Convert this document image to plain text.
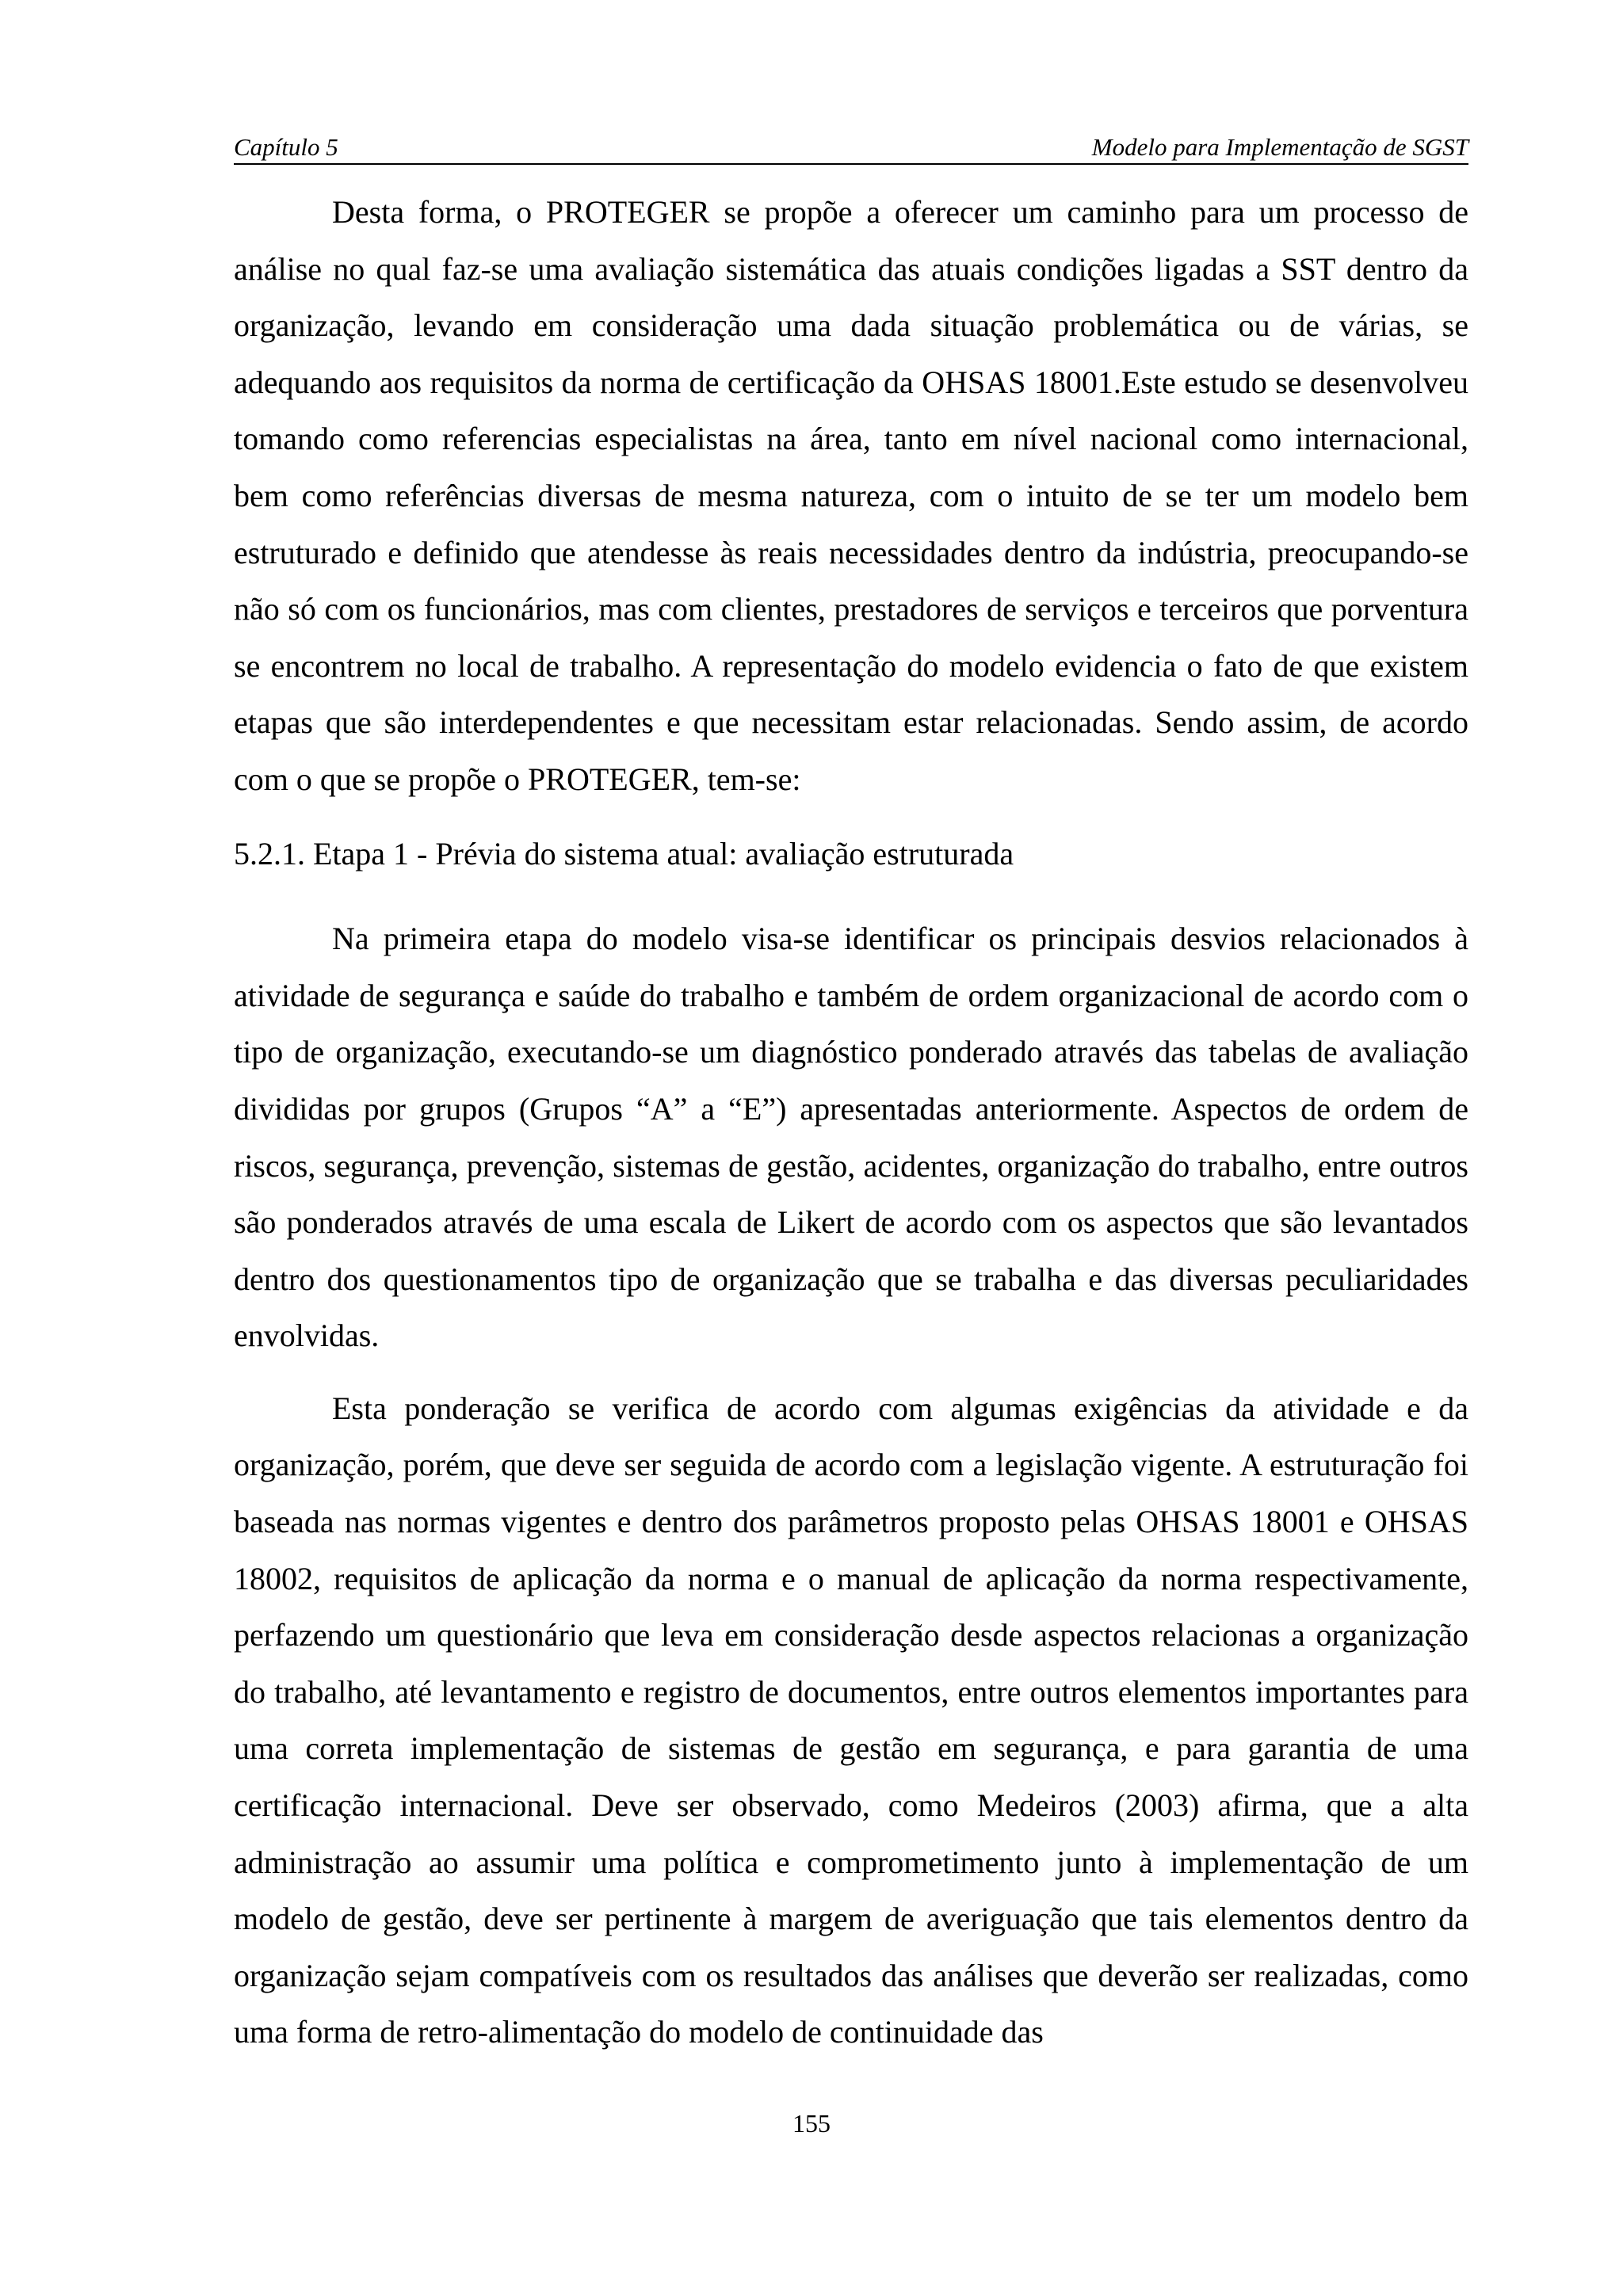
Capítulo 5	Modelo para Implementação de SGST

Desta forma, o PROTEGER se propõe a oferecer um caminho para um processo de análise no qual faz-se uma avaliação sistemática das atuais condições ligadas a SST dentro da organização, levando em consideração uma dada situação problemática ou de várias, se adequando aos requisitos da norma de certificação da OHSAS 18001.Este estudo se desenvolveu tomando como referencias especialistas na área, tanto em nível nacional como internacional, bem como referências diversas de mesma natureza, com o intuito de se ter um modelo bem estruturado e definido que atendesse às reais necessidades dentro da indústria, preocupando-se não só com os funcionários, mas com clientes, prestadores de serviços e terceiros que porventura se encontrem no local de trabalho. A representação do modelo evidencia o fato de que existem etapas que são interdependentes e que necessitam estar relacionadas. Sendo assim, de acordo com o que se propõe o PROTEGER, tem-se:

5.2.1. Etapa 1 - Prévia do sistema atual: avaliação estruturada

Na primeira etapa do modelo visa-se identificar os principais desvios relacionados à atividade de segurança e saúde do trabalho e também de ordem organizacional de acordo com o tipo de organização, executando-se um diagnóstico ponderado através das tabelas de avaliação divididas por grupos (Grupos “A” a “E”) apresentadas anteriormente. Aspectos de ordem de riscos, segurança, prevenção, sistemas de gestão, acidentes, organização do trabalho, entre outros são ponderados através de uma escala de Likert de acordo com os aspectos que são levantados dentro dos questionamentos tipo de organização que se trabalha e das diversas peculiaridades envolvidas.

Esta ponderação se verifica de acordo com algumas exigências da atividade e da organização, porém, que deve ser seguida de acordo com a legislação vigente. A estruturação foi baseada nas normas vigentes e dentro dos parâmetros proposto pelas OHSAS 18001 e OHSAS 18002, requisitos de aplicação da norma e o manual de aplicação da norma respectivamente, perfazendo um questionário que leva em consideração desde aspectos relacionas a organização do trabalho, até levantamento e registro de documentos, entre outros elementos importantes para uma correta implementação de sistemas de gestão em segurança, e para garantia de uma certificação internacional. Deve ser observado, como Medeiros (2003) afirma, que a alta administração ao assumir uma política e comprometimento junto à implementação de um modelo de gestão, deve ser pertinente à margem de averiguação que tais elementos dentro da organização sejam compatíveis com os resultados das análises que deverão ser realizadas, como uma forma de retro-alimentação do modelo de continuidade das

155
